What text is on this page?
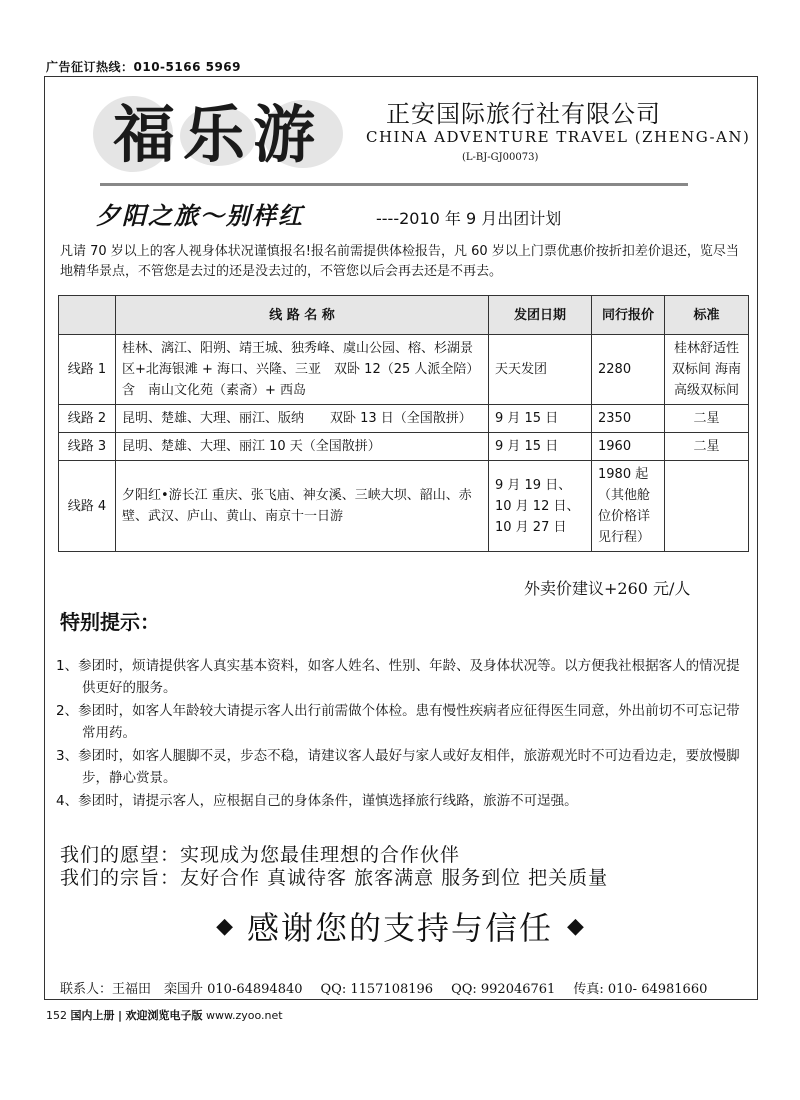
广告征订热线：010-5166 5969
福乐游	正安国际旅行社有限公司
CHINA ADVENTURE TRAVEL (ZHENG-AN)
(L-BJ-GJ00073)
夕阳之旅～别样红	----2010 年 9 月出团计划
凡请 70 岁以上的客人视身体状况谨慎报名!报名前需提供体检报告，凡 60 岁以上门票优惠价按折扣差价退还，览尽当地精华景点，不管您是去过的还是没去过的，不管您以后会再去还是不再去。
	线 路 名 称	发团日期	同行报价	标准
线路 1	桂林、漓江、阳朔、靖王城、独秀峰、虞山公园、榕、杉湖景区+北海银滩 + 海口、兴隆、三亚　双卧 12（25 人派全陪）含　南山文化苑（素斋）+ 西岛	天天发团	2280	桂林舒适性双标间 海南高级双标间
线路 2	昆明、楚雄、大理、丽江、版纳　　双卧 13 日（全国散拼）	9 月 15 日	2350	二星
线路 3	昆明、楚雄、大理、丽江 10 天（全国散拼）	9 月 15 日	1960	二星
线路 4	夕阳红•游长江 重庆、张飞庙、神女溪、三峡大坝、韶山、赤壁、武汉、庐山、黄山、南京十一日游	9 月 19 日、10 月 12 日、10 月 27 日	1980 起（其他舱位价格详见行程）	
外卖价建议+260 元/人
特别提示：
1、参团时，烦请提供客人真实基本资料，如客人姓名、性别、年龄、及身体状况等。以方便我社根据客人的情况提供更好的服务。
2、参团时，如客人年龄较大请提示客人出行前需做个体检。患有慢性疾病者应征得医生同意，外出前切不可忘记带常用药。
3、参团时，如客人腿脚不灵，步态不稳，请建议客人最好与家人或好友相伴，旅游观光时不可边看边走，要放慢脚步，静心赏景。
4、参团时，请提示客人，应根据自己的身体条件，谨慎选择旅行线路，旅游不可逞强。
我们的愿望：实现成为您最佳理想的合作伙伴
我们的宗旨：友好合作 真诚待客 旅客满意 服务到位 把关质量
◆ 感谢您的支持与信任 ◆
联系人：王福田　栾国升 010-64894840 QQ: 1157108196 QQ: 992046761 传真: 010- 64981660
152 国内上册 | 欢迎浏览电子版 www.zyoo.net
